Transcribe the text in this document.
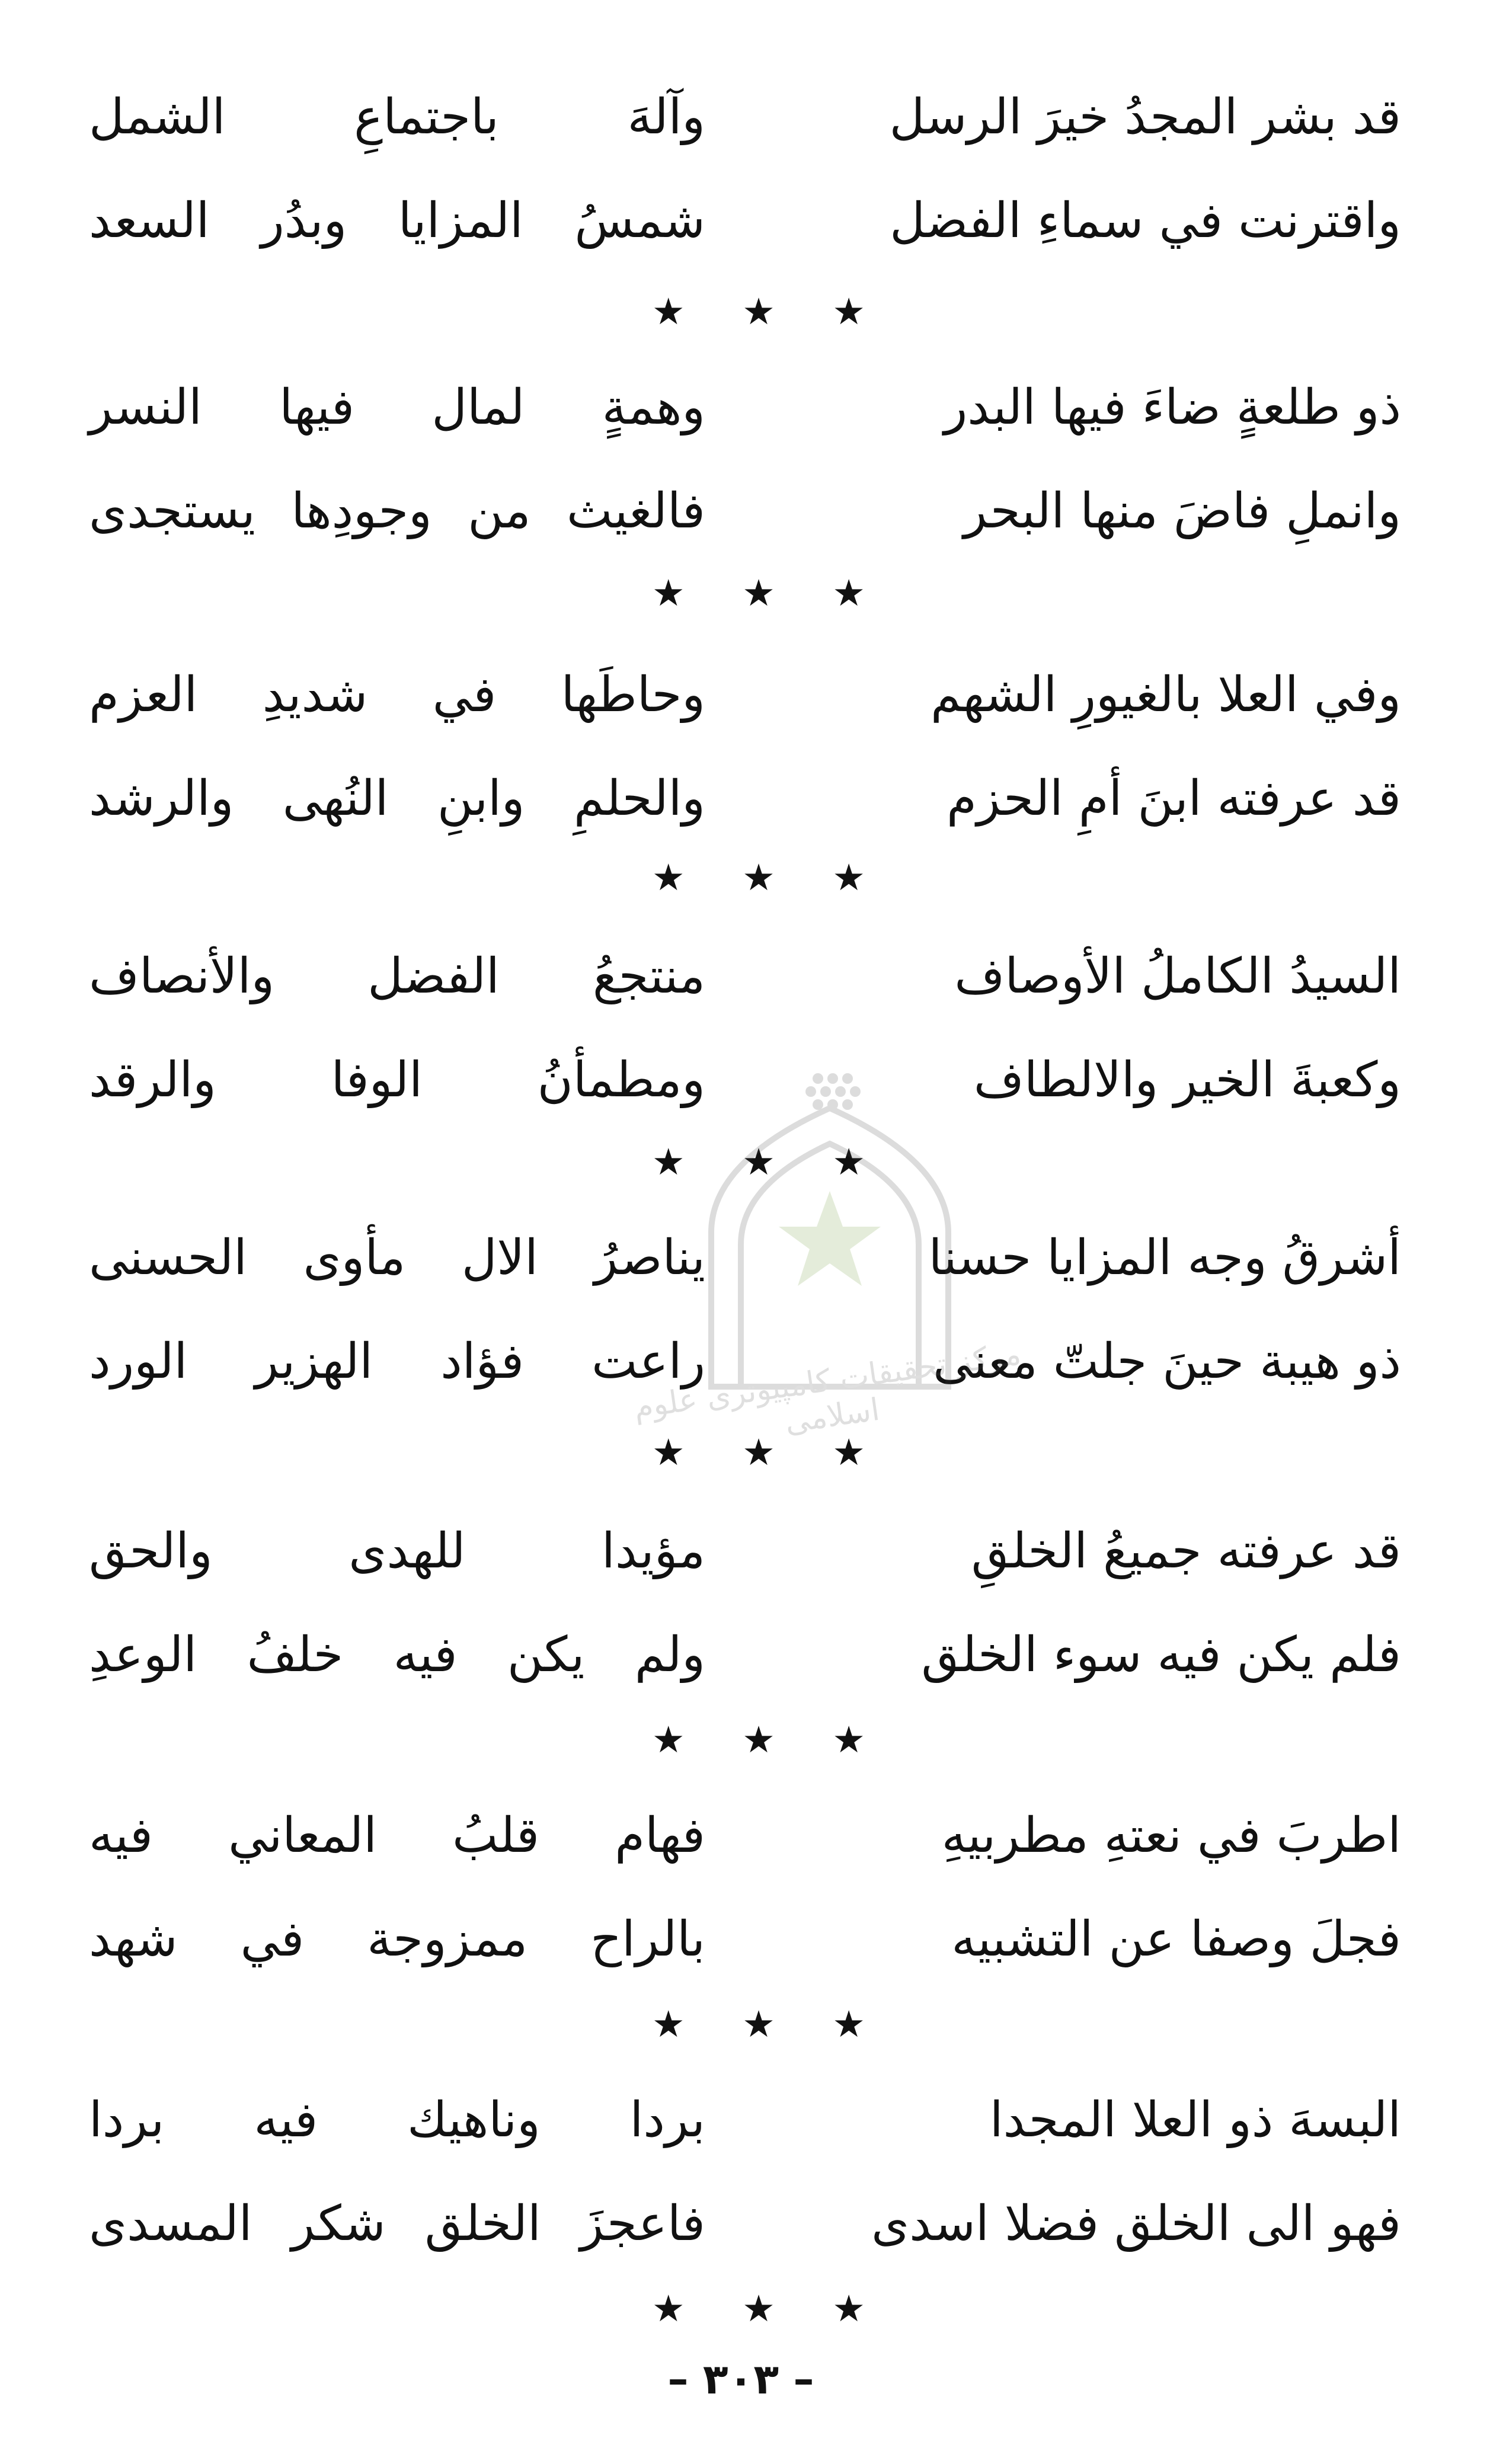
قد بشر المجدُ خيرَ الرسل
وآلهَ باجتماعِ الشمل
واقترنت في سماءِ الفضل
شمسُ المزايا وبدُر السعد
★ ★ ★
ذو طلعةٍ ضاءَ فيها البدر
وهمةٍ لمال فيها النسر
وانملِ فاضَ منها البحر
فالغيث من وجودِها يستجدى
★ ★ ★
وفي العلا بالغيورِ الشهم
وحاطَها في شديدِ العزم
قد عرفته ابنَ أمِ الحزم
والحلمِ وابنِ النُهى والرشد
★ ★ ★
السيدُ الكاملُ الأوصاف
منتجعُ الفضل والأنصاف
وكعبةَ الخير والالطاف
ومطمأنُ الوفا والرقد
★ ★ ★
أشرقُ وجه المزايا حسنا
يناصرُ الال مأوى الحسنى
ذو هيبة حينَ جلتّ معنى
راعت فؤاد الهزير الورد
★ ★ ★
قد عرفته جميعُ الخلقِ
مؤيدا للهدى والحق
فلم يكن فيه سوء الخلق
ولم يكن فيه خلفُ الوعدِ
★ ★ ★
اطربَ في نعتهِ مطربيهِ
فهام قلبُ المعاني فيه
فجلَ وصفا عن التشبيه
بالراح ممزوجة في شهد
★ ★ ★
البسهَ ذو العلا المجدا
بردا وناهيك فيه بردا
فهو الى الخلق فضلا اسدى
فاعجزَ الخلق شكر المسدى
★ ★ ★
مركز تحقيقات كامپيوتری علوم اسلامی
– ٣٠٣ –
